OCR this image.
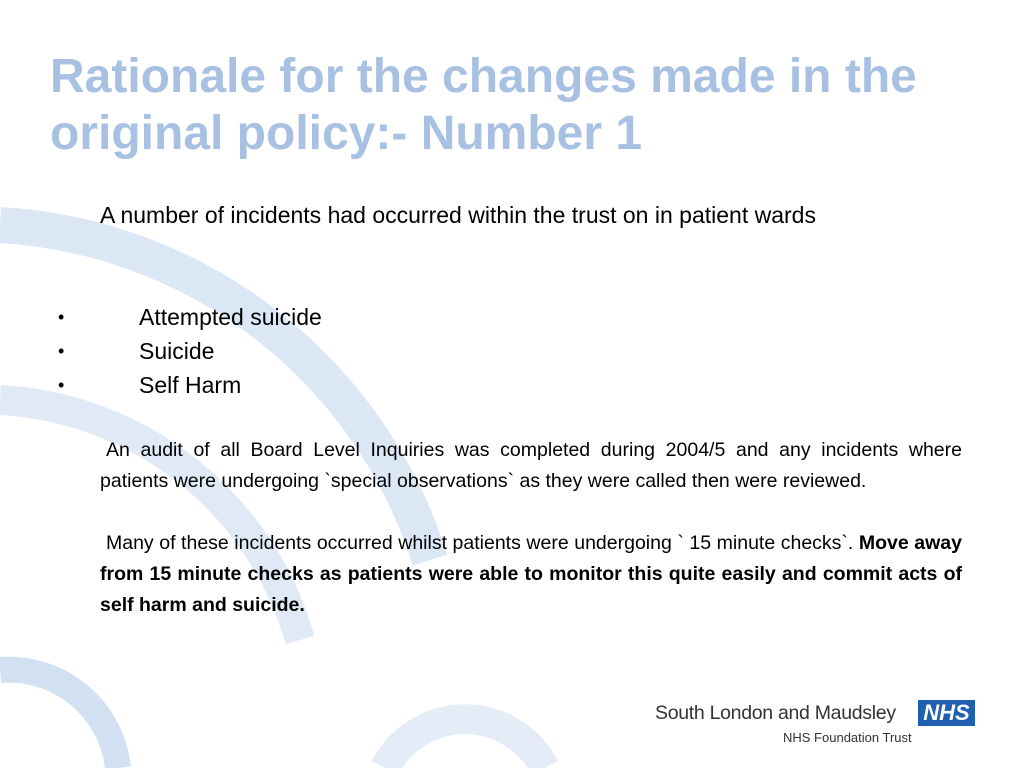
Rationale for the changes made in the original policy:- Number 1

A number of incidents had occurred within the trust on in patient wards

•	Attempted suicide
•	Suicide
•	Self Harm

An audit of all Board Level Inquiries was completed during 2004/5 and any incidents where patients were undergoing `special observations` as they were called then were reviewed.

Many of these incidents occurred whilst patients were undergoing ` 15 minute checks`. Move away from 15 minute checks as patients were able to monitor this quite easily and commit acts of self harm and suicide.

South London and Maudsley NHS
NHS Foundation Trust
